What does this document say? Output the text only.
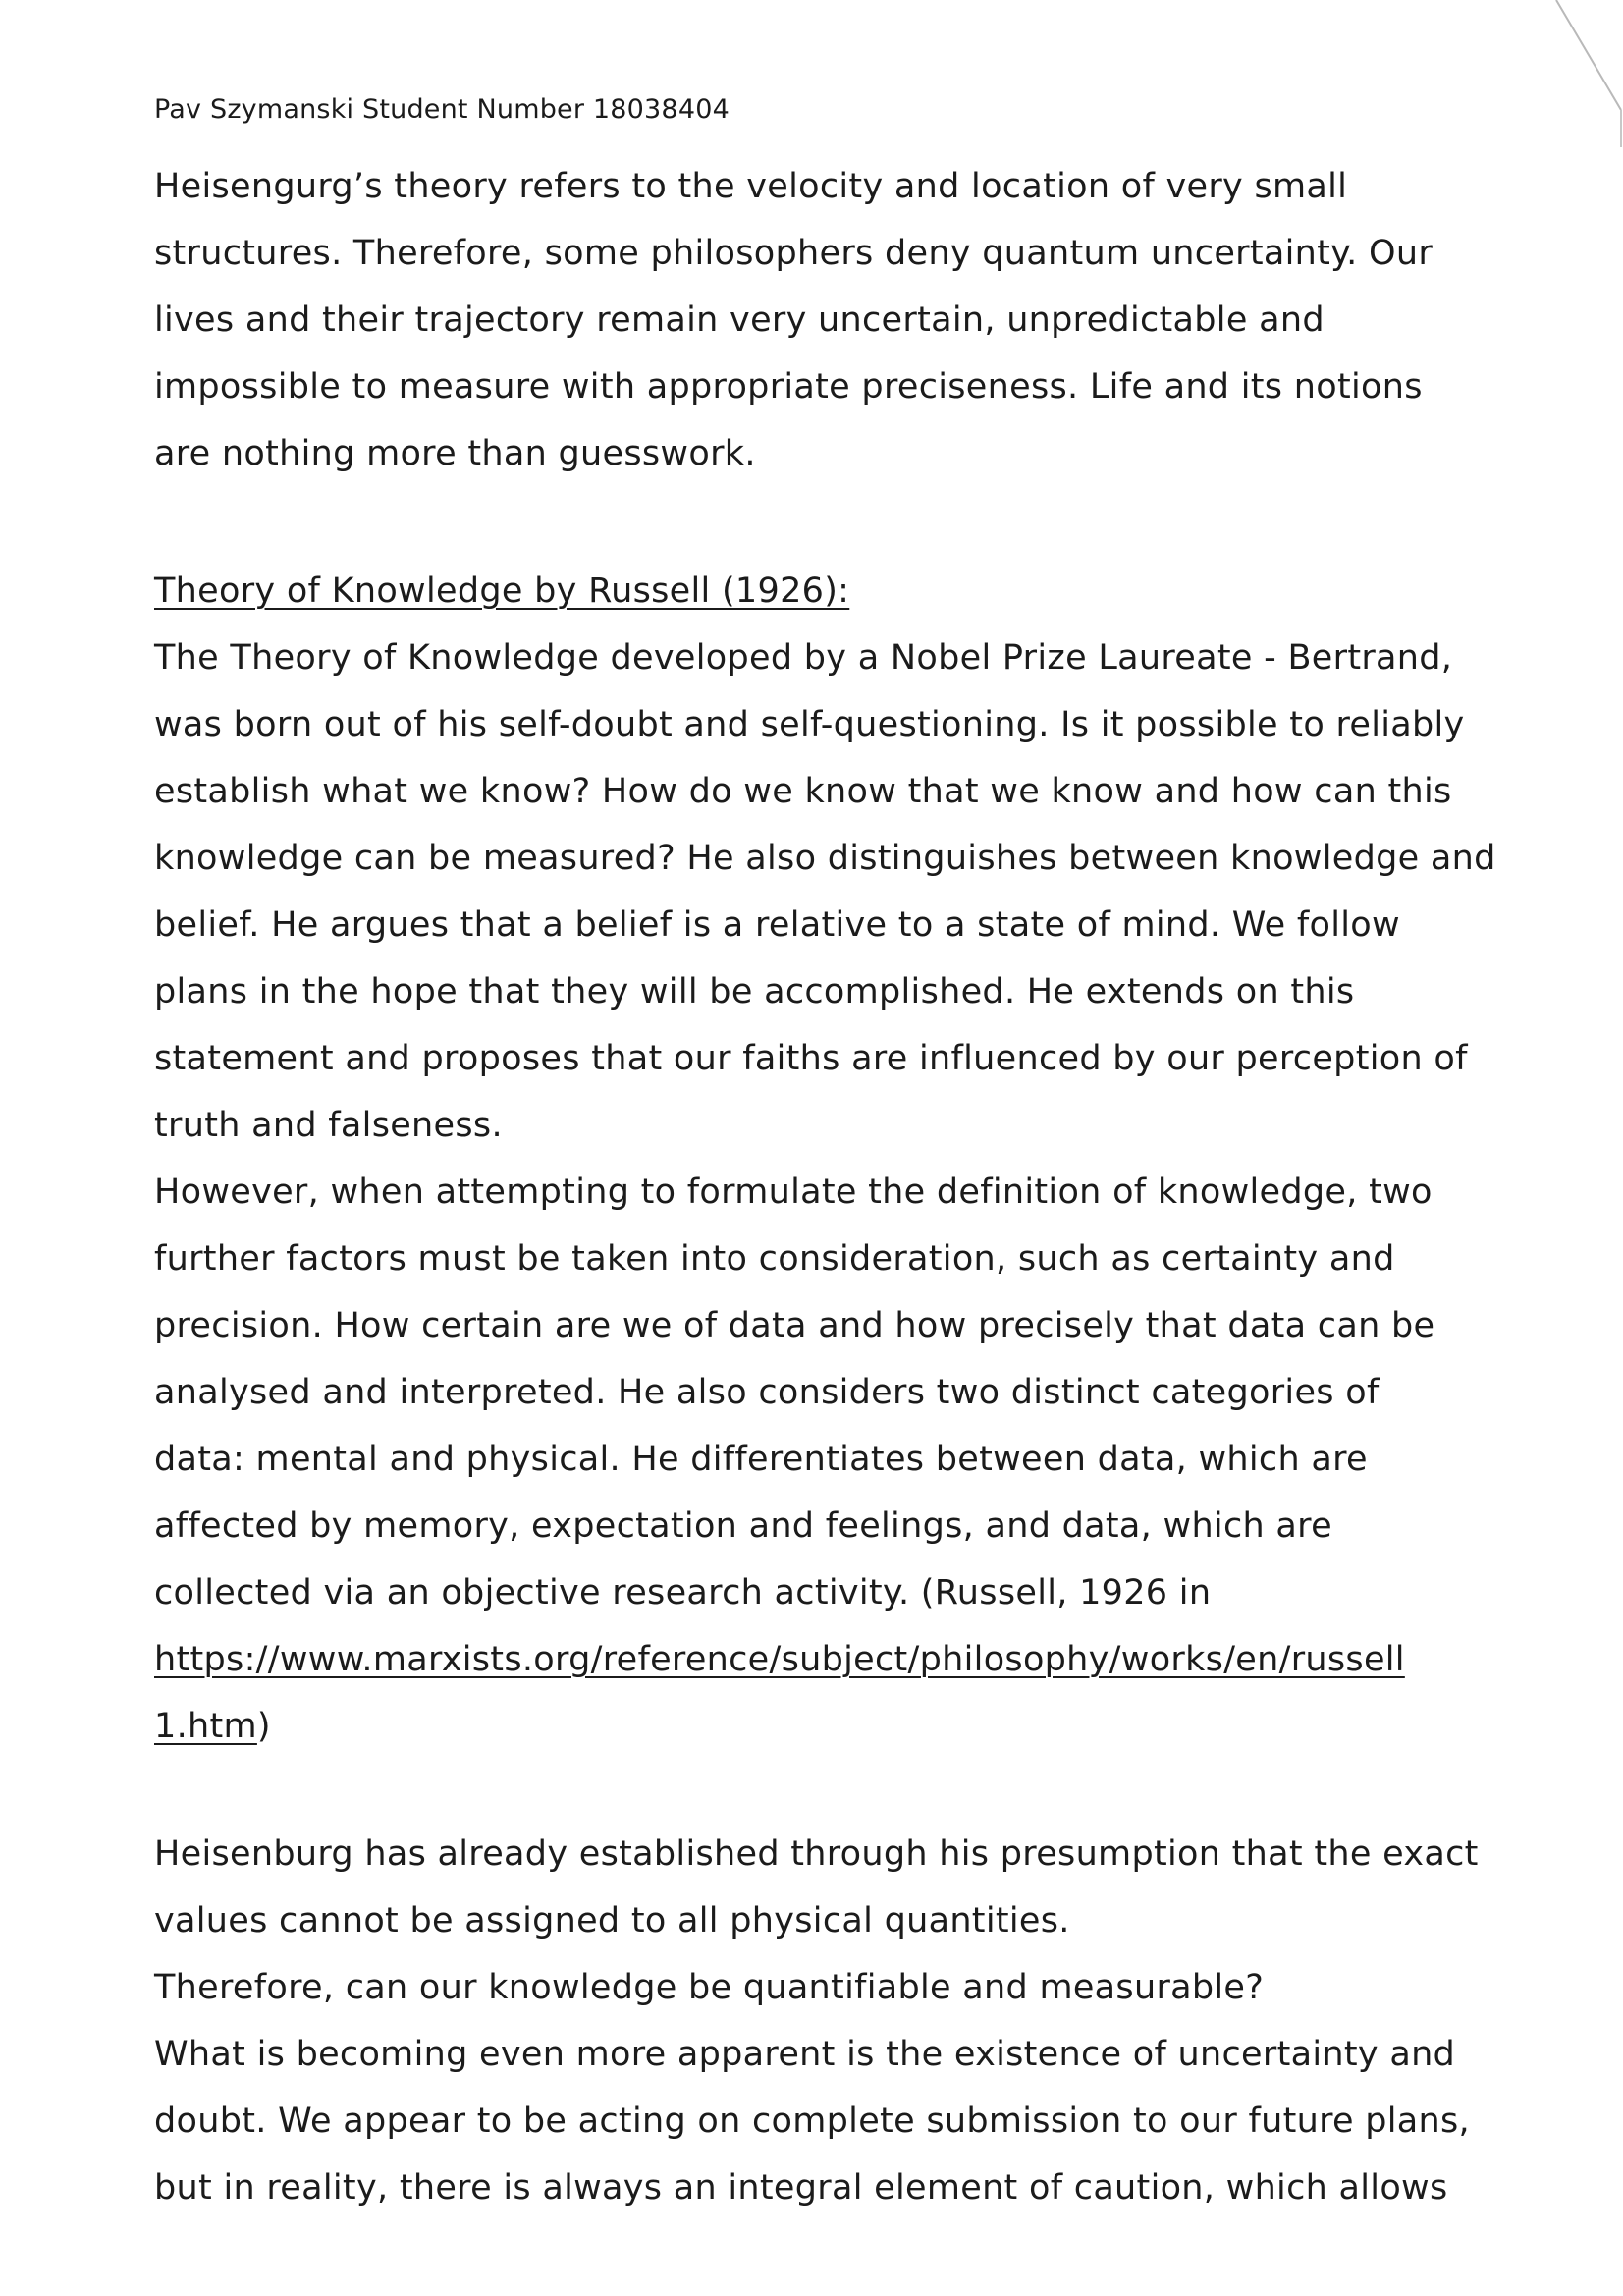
Pav Szymanski Student Number 18038404
Heisengurg’s theory refers to the velocity and location of very small
structures. Therefore, some philosophers deny quantum uncertainty. Our
lives and their trajectory remain very uncertain, unpredictable and
impossible to measure with appropriate preciseness. Life and its notions
are nothing more than guesswork.
Theory of Knowledge by Russell (1926):
The Theory of Knowledge developed by a Nobel Prize Laureate - Bertrand,
was born out of his self-doubt and self-questioning. Is it possible to reliably
establish what we know? How do we know that we know and how can this
knowledge can be measured? He also distinguishes between knowledge and
belief. He argues that a belief is a relative to a state of mind. We follow
plans in the hope that they will be accomplished. He extends on this
statement and proposes that our faiths are influenced by our perception of
truth and falseness.
However, when attempting to formulate the definition of knowledge, two
further factors must be taken into consideration, such as certainty and
precision. How certain are we of data and how precisely that data can be
analysed and interpreted. He also considers two distinct categories of
data: mental and physical. He differentiates between data, which are
affected by memory, expectation and feelings, and data, which are
collected via an objective research activity. (Russell, 1926 in
https://www.marxists.org/reference/subject/philosophy/works/en/russell
1.htm)
Heisenburg has already established through his presumption that the exact
values cannot be assigned to all physical quantities.
Therefore, can our knowledge be quantifiable and measurable?
What is becoming even more apparent is the existence of uncertainty and
doubt. We appear to be acting on complete submission to our future plans,
but in reality, there is always an integral element of caution, which allows
